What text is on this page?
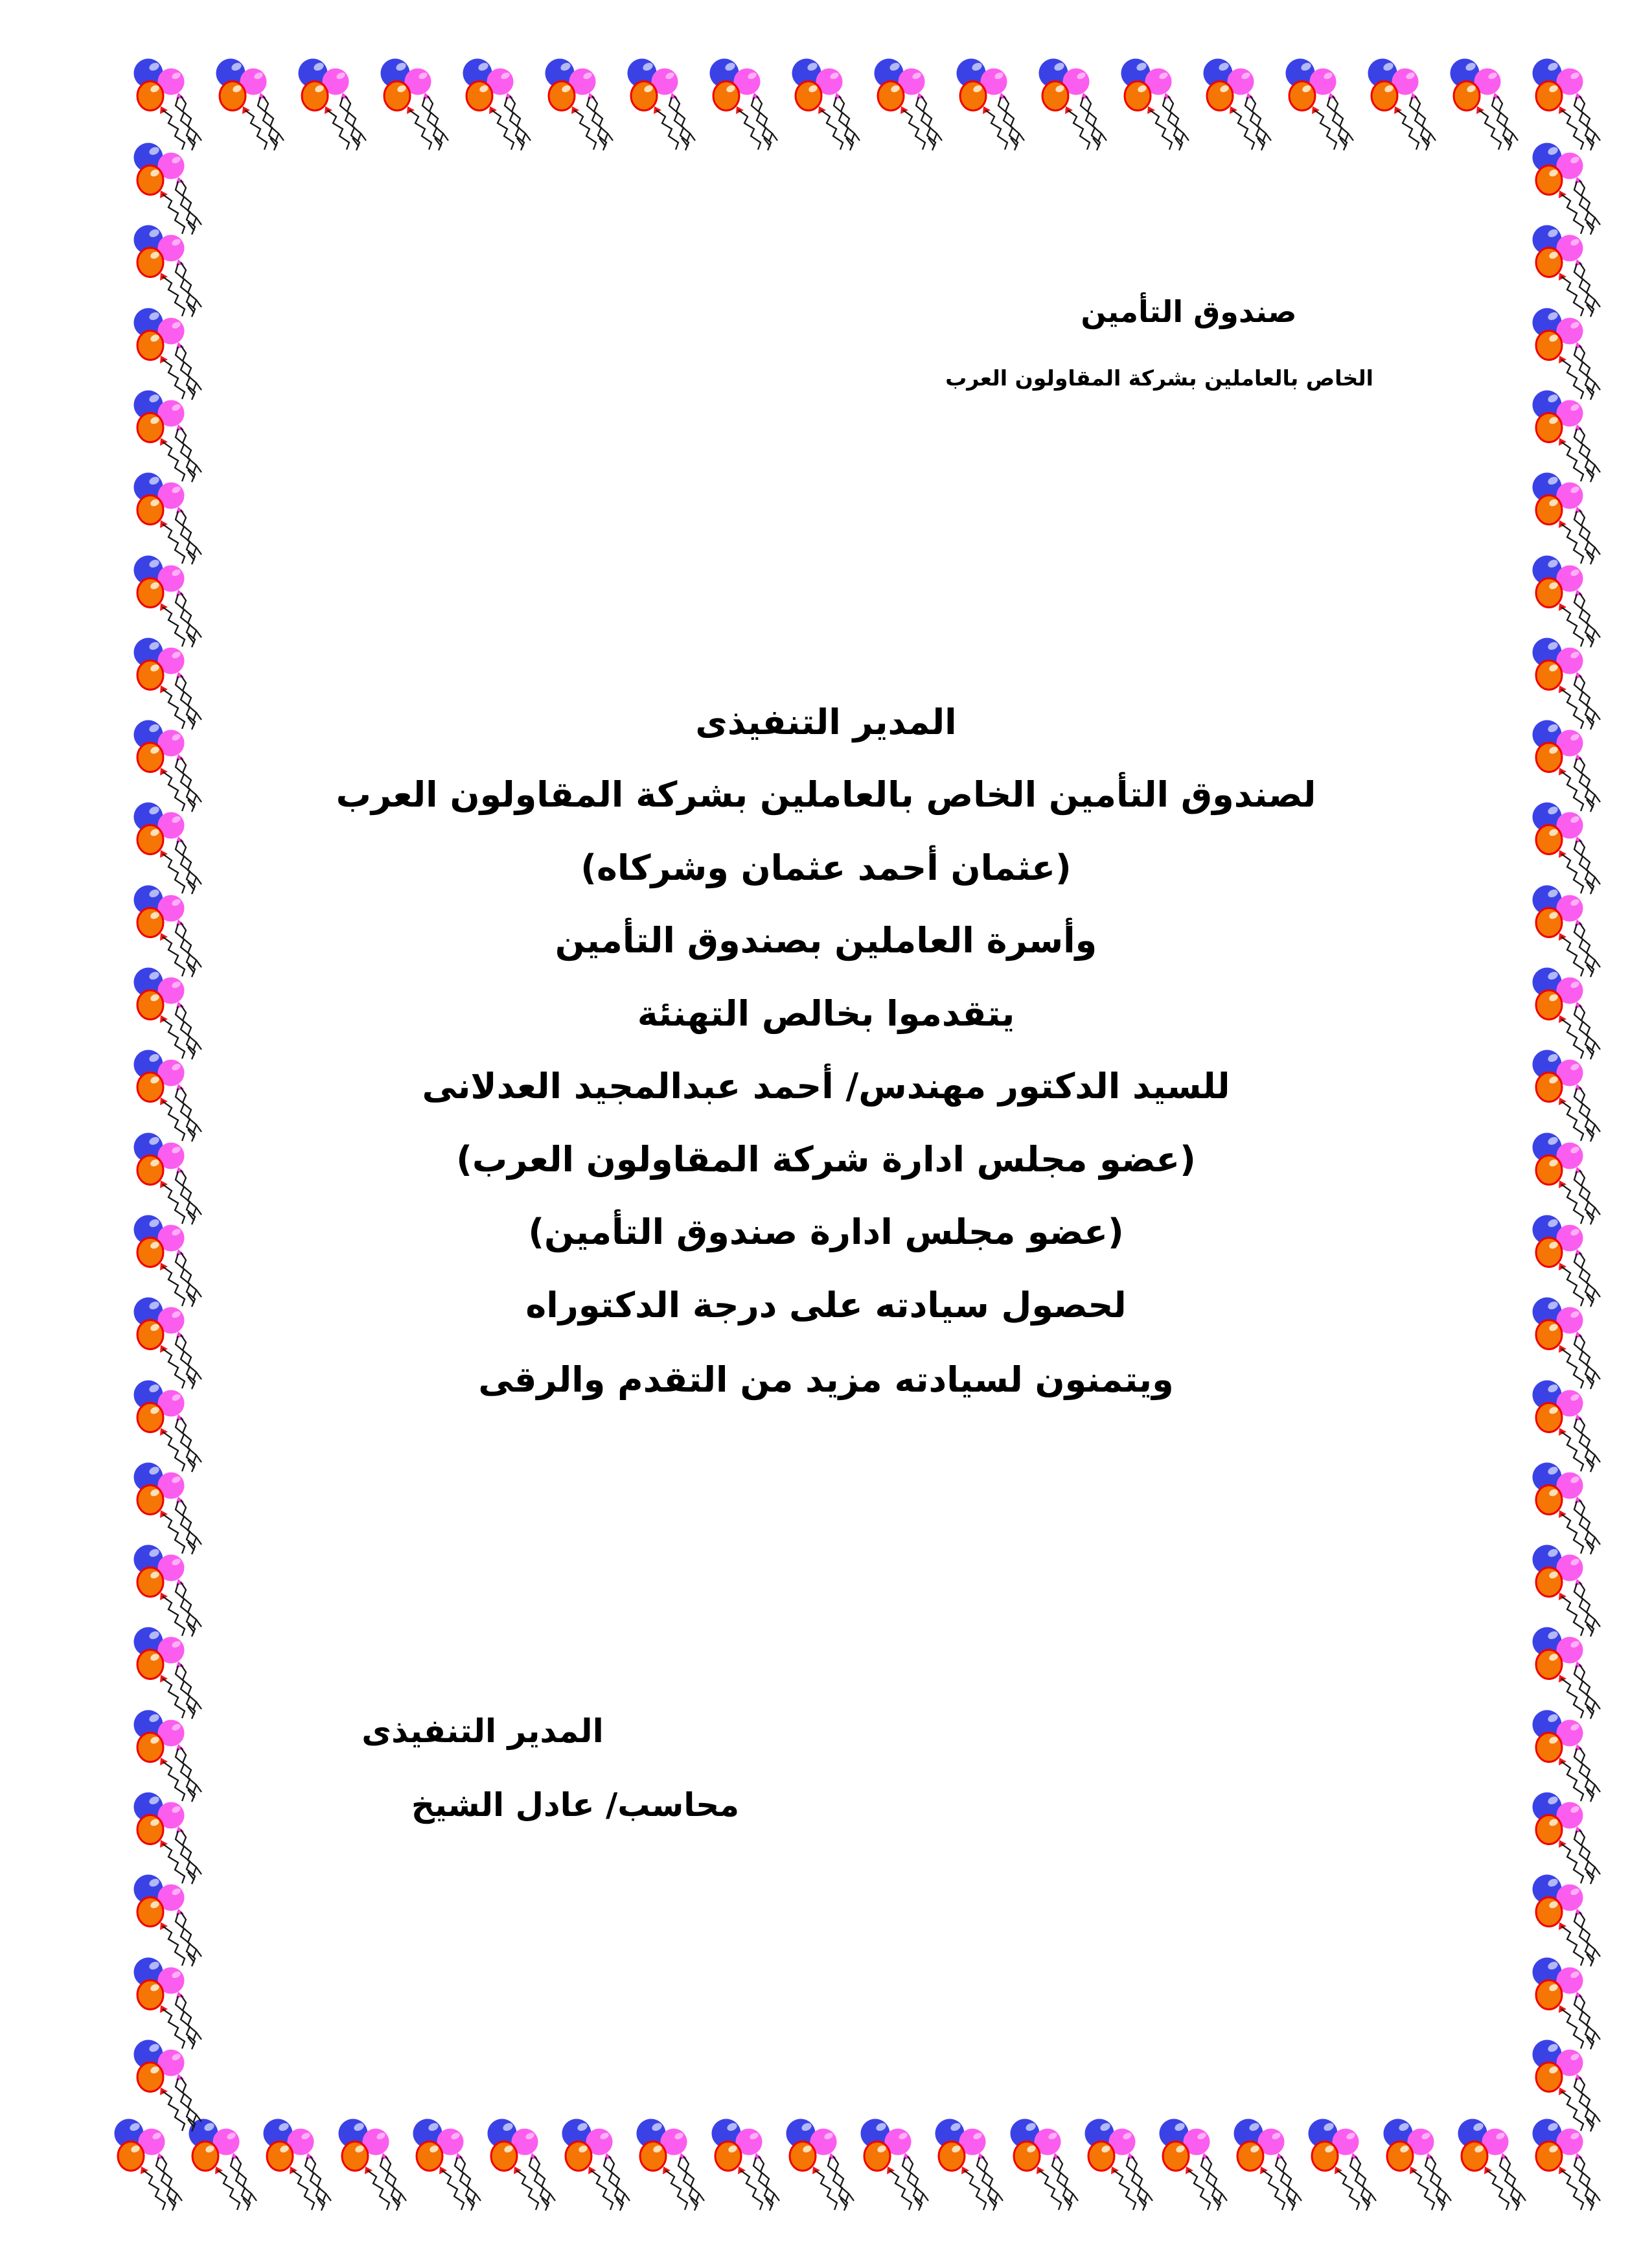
صندوق التأمين
الخاص بالعاملين بشركة المقاولون العرب
المدير التنفيذى
لصندوق التأمين الخاص بالعاملين بشركة المقاولون العرب
(عثمان أحمد عثمان وشركاه)
وأسرة العاملين بصندوق التأمين
يتقدموا بخالص التهنئة
للسيد الدكتور مهندس/ أحمد عبدالمجيد العدلانى
(عضو مجلس ادارة شركة المقاولون العرب)
(عضو مجلس ادارة صندوق التأمين)
لحصول سيادته على درجة الدكتوراه
ويتمنون لسيادته مزيد من التقدم والرقى
المدير التنفيذى
محاسب/ عادل الشيخ
